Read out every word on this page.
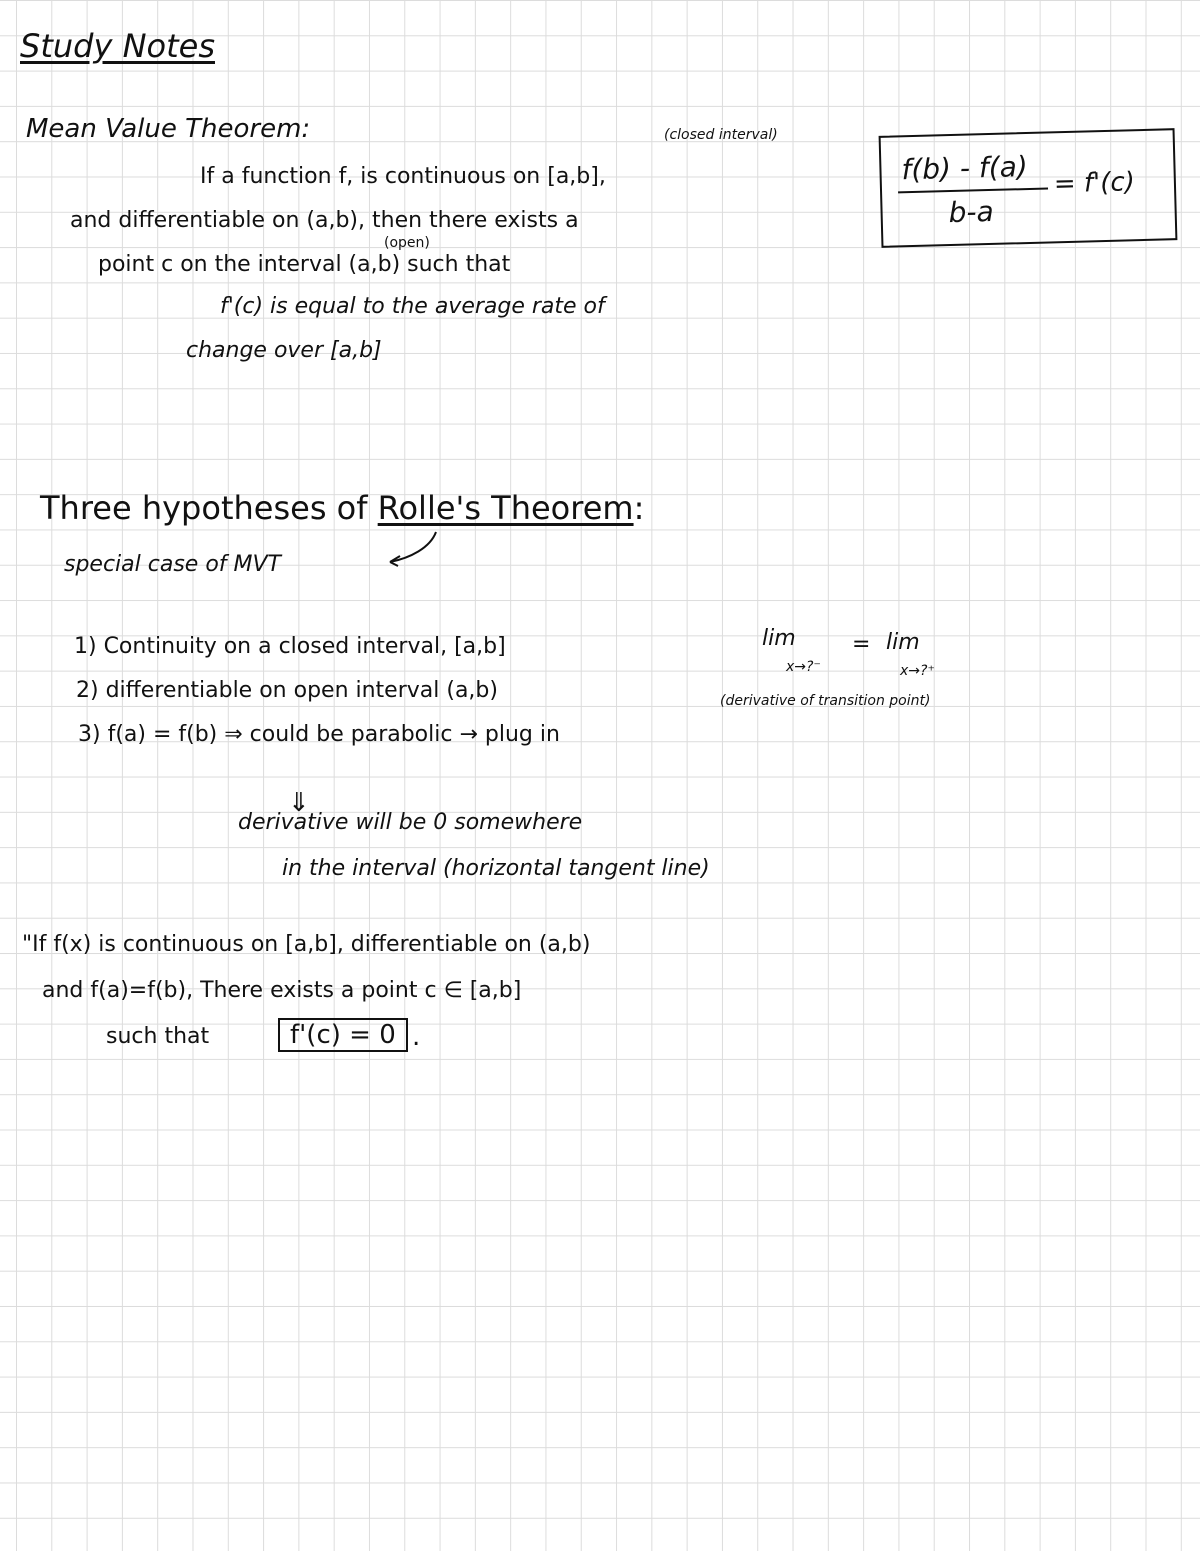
Study Notes
Mean Value Theorem:	(closed interval)
If a function f, is continuous on [a,b],
and differentiable on (a,b), then there exists a
(open)
point c on the interval (a,b) such that
f'(c) is equal to the average rate of
change over [a,b]
f(b) - f(a)
b-a
= f'(c)
Three hypotheses of Rolle's Theorem:
special case of MVT
1) Continuity on a closed interval, [a,b]	lim	= lim
x→?⁻	x→?⁺
2) differentiable on open interval (a,b)	(derivative of transition point)
3) f(a) = f(b) ⇒ could be parabolic → plug in
⇓
derivative will be 0 somewhere
in the interval (horizontal tangent line)
"If f(x) is continuous on [a,b], differentiable on (a,b)
and f(a)=f(b), There exists a point c ∈ [a,b]
such that	f'(c) = 0 .
